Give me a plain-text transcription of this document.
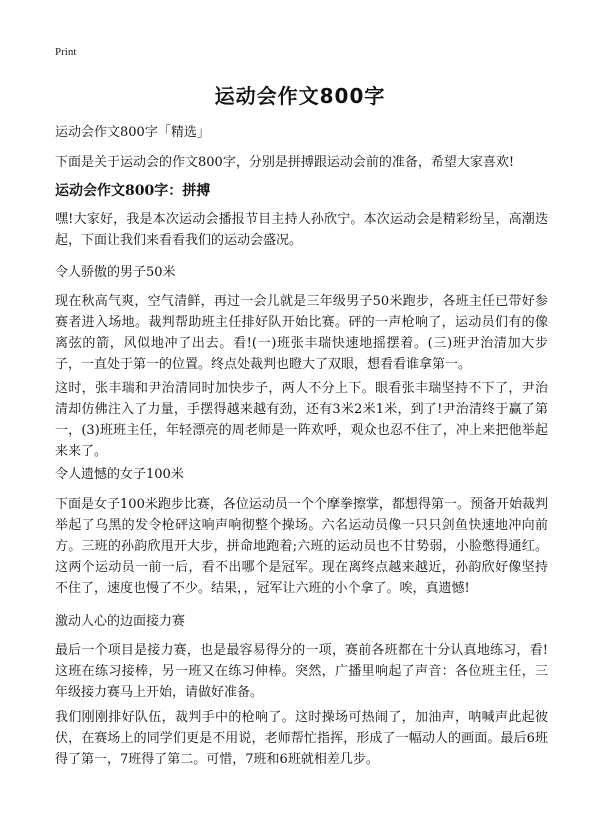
Print
运动会作文800字
运动会作文800字「精选」
下面是关于运动会的作文800字，分别是拼搏跟运动会前的准备，希望大家喜欢!
运动会作文800字：拼搏
嘿!大家好，我是本次运动会播报节目主持人孙欣宁。本次运动会是精彩纷呈，高潮迭起，下面让我们来看看我们的运动会盛况。
令人骄傲的男子50米
现在秋高气爽，空气清鲜，再过一会儿就是三年级男子50米跑步，各班主任已带好参赛者进入场地。裁判帮助班主任排好队开始比赛。砰的一声枪响了，运动员们有的像离弦的箭，风似地冲了出去。看!(一)班张丰瑞快速地摇摆着。(三)班尹治清加大步子，一直处于第一的位置。终点处裁判也瞪大了双眼，想看看谁拿第一。
这时，张丰瑞和尹治清同时加快步子，两人不分上下。眼看张丰瑞坚持不下了，尹治清却仿佛注入了力量，手摆得越来越有劲，还有3米2米1米，到了!尹治清终于赢了第一，(3)班班主任，年轻漂亮的周老师是一阵欢呼，观众也忍不住了，冲上来把他举起来来了。
令人遗憾的女子100米
下面是女子100米跑步比赛，各位运动员一个个摩拳擦掌，都想得第一。预备开始裁判举起了乌黑的发令枪砰这响声响彻整个操场。六名运动员像一只只剑鱼快速地冲向前方。三班的孙韵欣甩开大步，拼命地跑着;六班的运动员也不甘势弱，小脸憋得通红。这两个运动员一前一后，看不出哪个是冠军。现在离终点越来越近，孙韵欣好像坚持不住了，速度也慢了不少。结果，，冠军让六班的小个拿了。唉，真遗憾!
激动人心的边面接力赛
最后一个项目是接力赛，也是最容易得分的一项，赛前各班都在十分认真地练习，看!这班在练习接棒，另一班又在练习伸棒。突然，广播里响起了声音：各位班主任，三年级接力赛马上开始，请做好准备。
我们刚刚排好队伍，裁判手中的枪响了。这时操场可热闹了，加油声，呐喊声此起彼伏，在赛场上的同学们更是不用说，老师帮忙指挥，形成了一幅动人的画面。最后6班得了第一，7班得了第二。可惜，7班和6班就相差几步。
